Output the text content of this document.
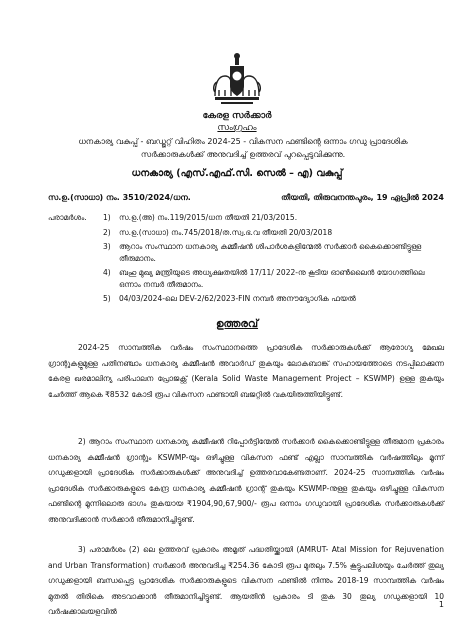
കേരള സർക്കാർ
സംഗ്രഹം
ധനകാര്യ വകുപ്പ് - ബഡ്ജറ്റ് വിഹിതം 2024-25 - വികസന ഫണ്ടിന്റെ ഒന്നാം ഗഡു പ്രാദേശിക സർക്കാരുകൾക്ക് അനുവദിച്ച് ഉത്തരവ് പുറപ്പെടുവിക്കുന്നു.
ധനകാര്യ (എസ്.എഫ്.സി. സെൽ – എ) വകുപ്പ്
സ.ഉ.(സാധാ) നം. 3510/2024/ധന.	തീയതി, തിരുവനന്തപുരം, 19 ഏപ്രിൽ 2024
പരാമർശം. 1)	സ.ഉ.(അ) നം.119/2015/ധന തീയതി 21/03/2015.
2)	സ.ഉ.(സാധാ) നം.745/2018/ത.സ്വ.ഭ.വ തീയതി 20/03/2018
3)	ആറാം സംസ്ഥാന ധനകാര്യ കമ്മീഷൻ ശിപാർശകളിന്മേൽ സർക്കാർ കൈക്കൊണ്ടിട്ടുള്ള തീരുമാനം.
4)	ബഹു മുഖ്യ മന്ത്രിയുടെ അധ്യക്ഷതയിൽ 17/11/ 2022-നു കൂടിയ ഓൺലൈൻ യോഗത്തിലെ ഒന്നാം നമ്പർ തീരുമാനം.
5)	04/03/2024-ലെ DEV-2/62/2023-FIN നമ്പർ അനൗദ്യോഗിക ഫയൽ
ഉത്തരവ്
2024-25 സാമ്പത്തിക വർഷം സംസ്ഥാനത്തെ പ്രാദേശിക സർക്കാരുകൾക്ക് ആരോഗ്യ മേഖല ഗ്രാന്റുകളുമുള്ള പതിനഞ്ചാം ധനകാര്യ കമ്മീഷൻ അവാർഡ് തുകയും ലോകബാങ്ക് സഹായത്തോടെ നടപ്പിലാക്കുന്ന കേരള ഖരമാലിന്യ പരിപാലന പ്രോജക്റ്റ് (Kerala Solid Waste Management Project – KSWMP) ഉള്ള തുകയും ചേർത്ത് ആകെ ₹8532 കോടി രൂപ വികസന ഫണ്ടായി ബജറ്റിൽ വകയിരുത്തിയിട്ടുണ്ട്.
2) ആറാം സംസ്ഥാന ധനകാര്യ കമ്മീഷൻ റിപ്പോർട്ടിന്മേൽ സർക്കാർ കൈക്കൊണ്ടിട്ടുള്ള തീരുമാന പ്രകാരം ധനകാര്യ കമ്മീഷൻ ഗ്രാന്റും KSWMP-യും ഒഴിച്ചുള്ള വികസന ഫണ്ട് എല്ലാ സാമ്പത്തിക വർഷത്തിലും മൂന്ന് ഗഡുക്കളായി പ്രാദേശിക സർക്കാരുകൾക്ക് അനുവദിച്ച് ഉത്തരവാകേണ്ടതാണ്. 2024-25 സാമ്പത്തിക വർഷം പ്രാദേശിക സർക്കാരുകളുടെ കേന്ദ്ര ധനകാര്യ കമ്മീഷൻ ഗ്രാന്റ് തുകയും KSWMP-നുള്ള തുകയും ഒഴിച്ചുള്ള വികസന ഫണ്ടിന്റെ മൂന്നിലൊരു ഭാഗം തുകയായ ₹1904,90,67,900/- രൂപ ഒന്നാം ഗഡുവായി പ്രാദേശിക സർക്കാരുകൾക്ക് അനുവദിക്കാൻ സർക്കാർ തീരുമാനിച്ചിട്ടുണ്ട്.
3) പരാമർശം (2) ലെ ഉത്തരവ് പ്രകാരം അമൃത് പദ്ധതിയ്ക്കായി (AMRUT- Atal Mission for Rejuvenation and Urban Transformation) സർക്കാർ അനുവദിച്ച ₹254.36 കോടി രൂപ മുതലും 7.5% കൂട്ടുപലിശയും ചേർത്ത് തുല്യ ഗഡുക്കളായി ബന്ധപ്പെട്ട പ്രാദേശിക സർക്കാരുകളുടെ വികസന ഫണ്ടിൽ നിന്നും 2018-19 സാമ്പത്തിക വർഷം മുതൽ തിരികെ അടവാക്കാൻ തീരുമാനിച്ചിട്ടുണ്ട്. ആയതിൻ പ്രകാരം ടി തുക 30 തുല്യ ഗഡുക്കളായി 10 വർഷക്കാലയളവിൽ
1
